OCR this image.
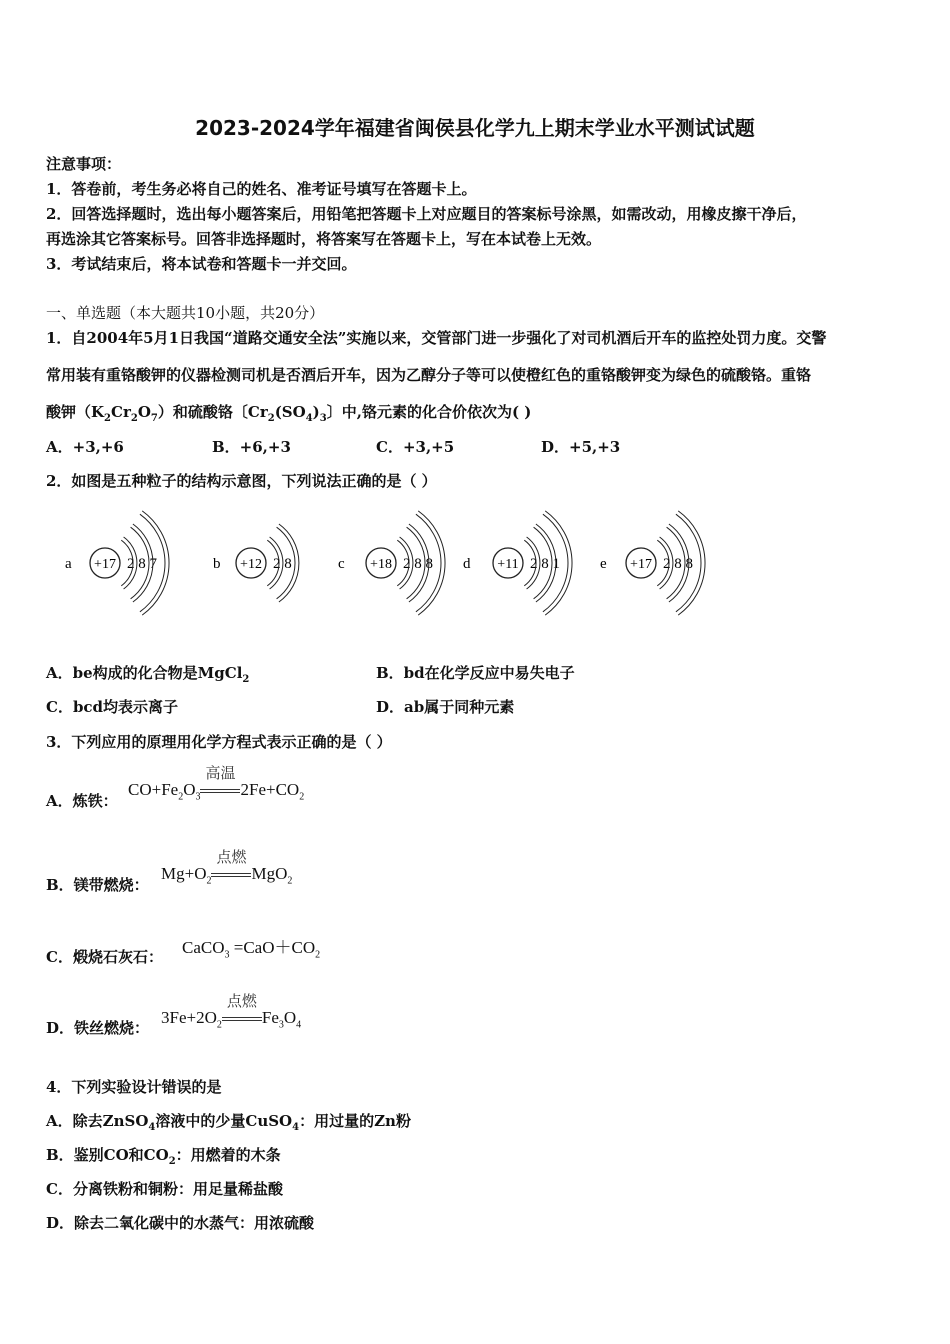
2023-2024学年福建省闽侯县化学九上期末学业水平测试试题
注意事项：
1．答卷前，考生务必将自己的姓名、准考证号填写在答题卡上。
2．回答选择题时，选出每小题答案后，用铅笔把答题卡上对应题目的答案标号涂黑，如需改动，用橡皮擦干净后，
再选涂其它答案标号。回答非选择题时，将答案写在答题卡上，写在本试卷上无效。
3．考试结束后，将本试卷和答题卡一并交回。
一、单选题（本大题共10小题，共20分）
1．自2004年5月1日我国“道路交通安全法”实施以来，交管部门进一步强化了对司机酒后开车的监控处罚力度。交警
常用装有重铬酸钾的仪器检测司机是否酒后开车，因为乙醇分子等可以使橙红色的重铬酸钾变为绿色的硫酸铬。重铬
酸钾$(K_2Cr_2O_7)$和硫酸铬〔$Cr_2(SO_4)_3$〕中,铬元素的化合价依次为( )
A．+3,+6	B．+6,+3	C．+3,+5	D．+5,+3
2．如图是五种粒子的结构示意图，下列说法正确的是（ ）
a +17 2 8 7	b +12 2 8	c +18 2 8 8 d +11 2 8 1	e +17 2 8 8
A．be构成的化合物是MgCl$_2$	B．bd在化学反应中易失电子
C．bcd均表示离子	D．ab属于同种元素
3．下列应用的原理用化学方程式表示正确的是（ ）
A．炼铁：
$CO+Fe_2O_3$
高温
$2Fe+CO_2$
B．镁带燃烧：
$Mg+O_2$
点燃
MgO$_2$
C．煅烧石灰石： CaCO$_3$ $=CaO+CO_2$
D．铁丝燃烧：
$3Fe+2O_2$
点燃
$Fe_3O_4$
4．下列实验设计错误的是
A．除去ZnSO$_4$溶液中的少量CuSO$_4$：用过量的Zn粉
B．鉴别CO和$CO_2$：用燃着的木条
C．分离铁粉和铜粉：用足量稀盐酸
D．除去二氧化碳中的水蒸气：用浓硫酸
